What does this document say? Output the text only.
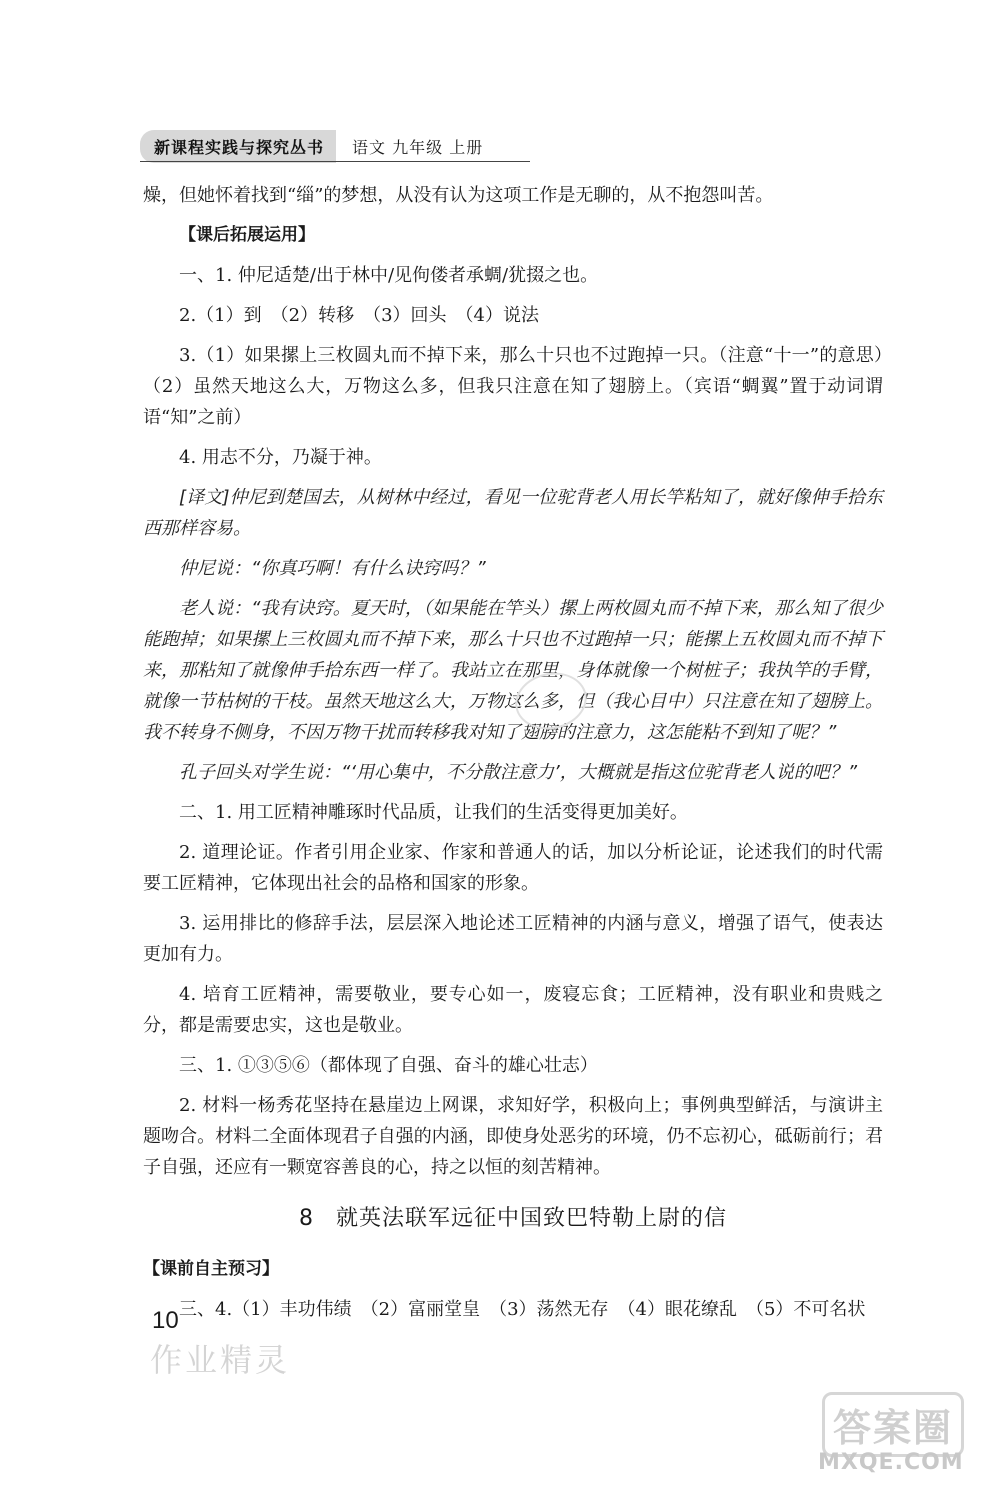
新课程实践与探究丛书	语文 九年级 上册

燥，但她怀着找到“缁”的梦想，从没有认为这项工作是无聊的，从不抱怨叫苦。

【课后拓展运用】

一、1. 仲尼适楚/出于林中/见佝偻者承蜩/犹掇之也。

2.（1）到　（2）转移　（3）回头　（4）说法

3.（1）如果摞上三枚圆丸而不掉下来，那么十只也不过跑掉一只。（注意“十一”的意思）　（2）虽然天地这么大，万物这么多，但我只注意在知了翅膀上。（宾语“蜩翼”置于动词谓语“知”之前）

4. 用志不分，乃凝于神。

[译文]仲尼到楚国去，从树林中经过，看见一位驼背老人用长竿粘知了，就好像伸手拾东西那样容易。

仲尼说：“你真巧啊！有什么诀窍吗？”

老人说：“我有诀窍。夏天时，（如果能在竿头）摞上两枚圆丸而不掉下来，那么知了很少能跑掉；如果摞上三枚圆丸而不掉下来，那么十只也不过跑掉一只；能摞上五枚圆丸而不掉下来，那粘知了就像伸手拾东西一样了。我站立在那里，身体就像一个树桩子；我执竿的手臂，就像一节枯树的干枝。虽然天地这么大，万物这么多，但（我心目中）只注意在知了翅膀上。我不转身不侧身，不因万物干扰而转移我对知了翅膀的注意力，这怎能粘不到知了呢？”

孔子回头对学生说：“‘用心集中，不分散注意力’，大概就是指这位驼背老人说的吧？”

二、1. 用工匠精神雕琢时代品质，让我们的生活变得更加美好。

2. 道理论证。作者引用企业家、作家和普通人的话，加以分析论证，论述我们的时代需要工匠精神，它体现出社会的品格和国家的形象。

3. 运用排比的修辞手法，层层深入地论述工匠精神的内涵与意义，增强了语气，使表达更加有力。

4. 培育工匠精神，需要敬业，要专心如一，废寝忘食；工匠精神，没有职业和贵贱之分，都是需要忠实，这也是敬业。

三、1. ①③⑤⑥（都体现了自强、奋斗的雄心壮志）

2. 材料一杨秀花坚持在悬崖边上网课，求知好学，积极向上；事例典型鲜活，与演讲主题吻合。材料二全面体现君子自强的内涵，即使身处恶劣的环境，仍不忘初心，砥砺前行；君子自强，还应有一颗宽容善良的心，持之以恒的刻苦精神。

8 就英法联军远征中国致巴特勒上尉的信

【课前自主预习】

三、4.（1）丰功伟绩　（2）富丽堂皇　（3）荡然无存　（4）眼花缭乱　（5）不可名状

10
作业精灵
答案圈
MXQE.COM
